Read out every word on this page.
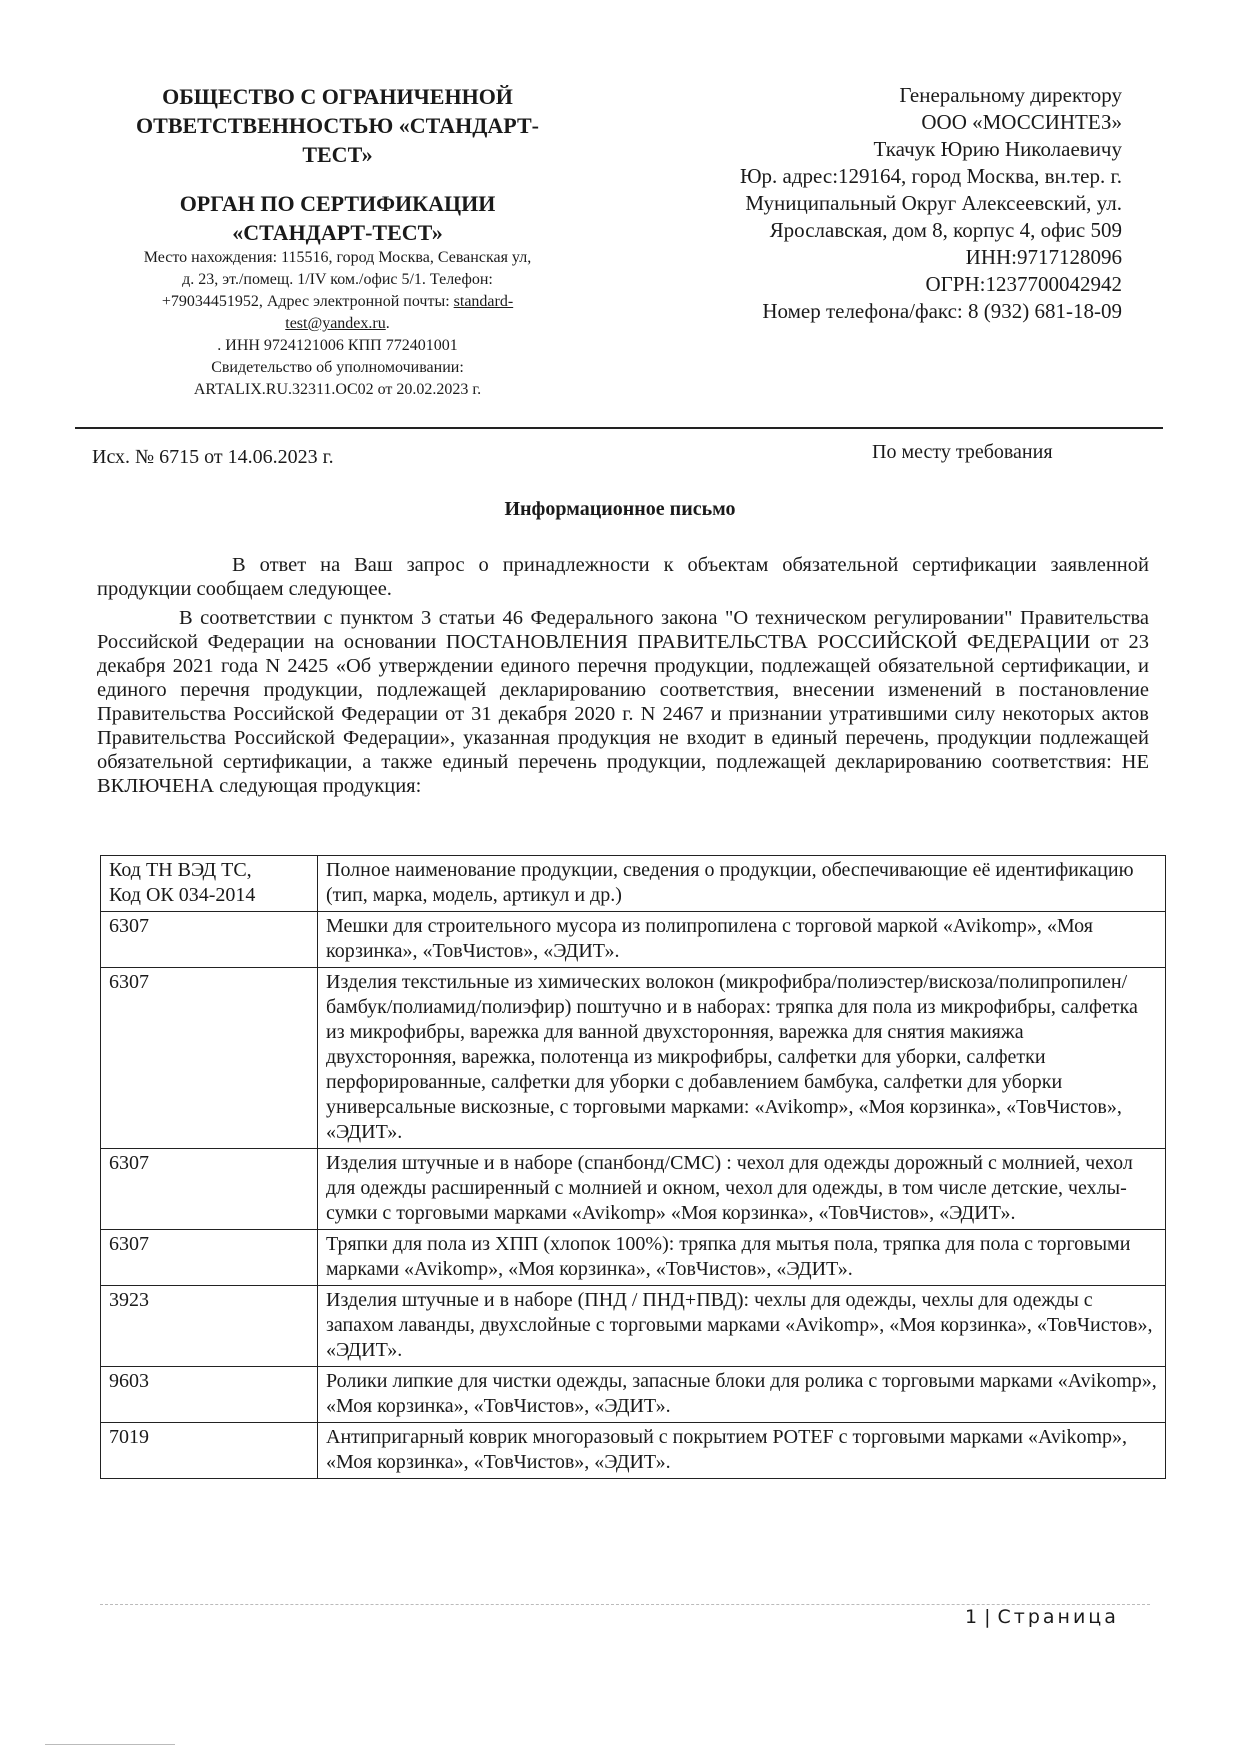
ОБЩЕСТВО С ОГРАНИЧЕННОЙ
ОТВЕТСТВЕННОСТЬЮ «СТАНДАРТ-
ТЕСТ»
ОРГАН ПО СЕРТИФИКАЦИИ
«СТАНДАРТ-ТЕСТ»
Место нахождения: 115516, город Москва, Севанская ул,
д. 23, эт./помещ. 1/IV ком./офис 5/1. Телефон:
+79034451952, Адрес электронной почты: standard-
test@yandex.ru.
. ИНН 9724121006 КПП 772401001
Свидетельство об уполномочивании:
ARTALIX.RU.32311.OC02 от 20.02.2023 г.
Генеральному директору
ООО «МОССИНТЕЗ»
Ткачук Юрию Николаевичу
Юр. адрес:129164, город Москва, вн.тер. г.
Муниципальный Округ Алексеевский, ул.
Ярославская, дом 8, корпус 4, офис 509
ИНН:9717128096
ОГРН:1237700042942
Номер телефона/факс: 8 (932) 681-18-09
Исх. № 6715 от 14.06.2023 г.	По месту требования
Информационное письмо
В ответ на Ваш запрос о принадлежности к объектам обязательной сертификации заявленной продукции сообщаем следующее.
В соответствии с пунктом 3 статьи 46 Федерального закона "О техническом регулировании" Правительства Российской Федерации на основании ПОСТАНОВЛЕНИЯ ПРАВИТЕЛЬСТВА РОССИЙСКОЙ ФЕДЕРАЦИИ от 23 декабря 2021 года N 2425 «Об утверждении единого перечня продукции, подлежащей обязательной сертификации, и единого перечня продукции, подлежащей декларированию соответствия, внесении изменений в постановление Правительства Российской Федерации от 31 декабря 2020 г. N 2467 и признании утратившими силу некоторых актов Правительства Российской Федерации», указанная продукция не входит в единый перечень, продукции подлежащей обязательной сертификации, а также единый перечень продукции, подлежащей декларированию соответствия: НЕ ВКЛЮЧЕНА следующая продукция:
Код ТН ВЭД ТС,
Код ОК 034-2014	Полное наименование продукции, сведения о продукции, обеспечивающие её идентификацию (тип, марка, модель, артикул и др.)
6307	Мешки для строительного мусора из полипропилена с торговой маркой «Avikomp», «Моя корзинка», «ТовЧистов», «ЭДИТ».
6307	Изделия текстильные из химических волокон (микрофибра/полиэстер/вискоза/полипропилен/бамбук/полиамид/полиэфир) поштучно и в наборах: тряпка для пола из микрофибры, салфетка из микрофибры, варежка для ванной двухсторонняя, варежка для снятия макияжа двухсторонняя, варежка, полотенца из микрофибры, салфетки для уборки, салфетки перфорированные, салфетки для уборки с добавлением бамбука, салфетки для уборки универсальные вискозные, с торговыми марками: «Avikomp», «Моя корзинка», «ТовЧистов», «ЭДИТ».
6307	Изделия штучные и в наборе (спанбонд/СМС) : чехол для одежды дорожный с молнией, чехол для одежды расширенный с молнией и окном, чехол для одежды, в том числе детские, чехлы-сумки с торговыми марками «Avikomp» «Моя корзинка», «ТовЧистов», «ЭДИТ».
6307	Тряпки для пола из ХПП (хлопок 100%): тряпка для мытья пола, тряпка для пола с торговыми марками «Avikomp», «Моя корзинка», «ТовЧистов», «ЭДИТ».
3923	Изделия штучные и в наборе (ПНД / ПНД+ПВД): чехлы для одежды, чехлы для одежды с запахом лаванды, двухслойные с торговыми марками «Avikomp», «Моя корзинка», «ТовЧистов», «ЭДИТ».
9603	Ролики липкие для чистки одежды, запасные блоки для ролика с торговыми марками «Avikomp», «Моя корзинка», «ТовЧистов», «ЭДИТ».
7019	Антипригарный коврик многоразовый с покрытием POTEF с торговыми марками «Avikomp», «Моя корзинка», «ТовЧистов», «ЭДИТ».
1 | Страница
